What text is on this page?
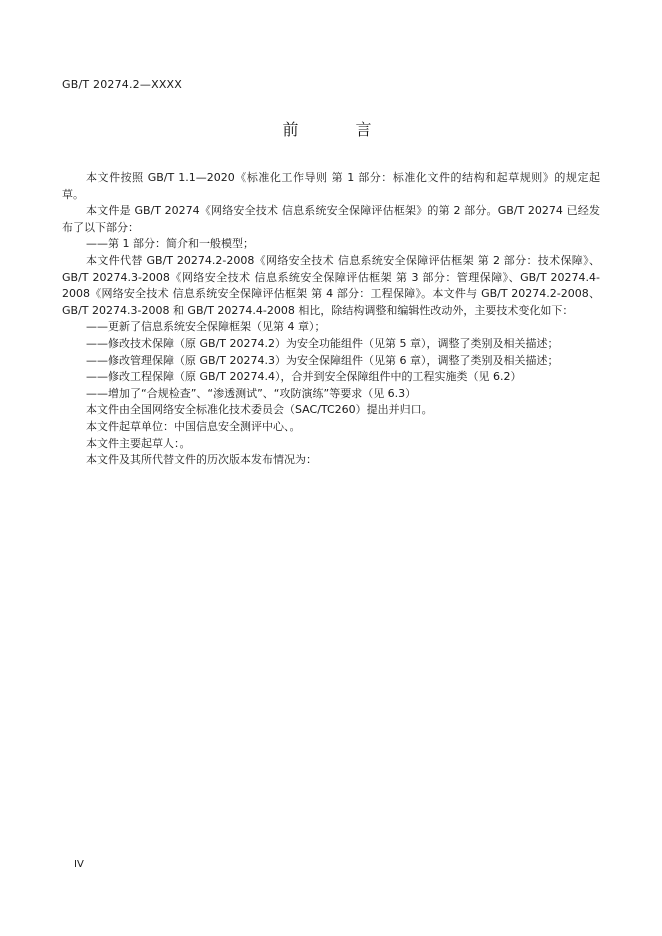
GB/T 20274.2—XXXX
前 言

本文件按照 GB/T 1.1—2020《标准化工作导则 第 1 部分：标准化文件的结构和起草规则》的规定起草。

本文件是 GB/T 20274《网络安全技术 信息系统安全保障评估框架》的第 2 部分。GB/T 20274 已经发布了以下部分：

——第 1 部分：简介和一般模型；

本文件代替 GB/T 20274.2-2008《网络安全技术 信息系统安全保障评估框架 第 2 部分：技术保障》、GB/T 20274.3-2008《网络安全技术 信息系统安全保障评估框架 第 3 部分：管理保障》、GB/T 20274.4-2008《网络安全技术 信息系统安全保障评估框架 第 4 部分：工程保障》。本文件与 GB/T 20274.2-2008、GB/T 20274.3-2008 和 GB/T 20274.4-2008 相比，除结构调整和编辑性改动外，主要技术变化如下：

——更新了信息系统安全保障框架（见第 4 章）；

——修改技术保障（原 GB/T 20274.2）为安全功能组件（见第 5 章），调整了类别及相关描述；

——修改管理保障（原 GB/T 20274.3）为安全保障组件（见第 6 章），调整了类别及相关描述；

——修改工程保障（原 GB/T 20274.4），合并到安全保障组件中的工程实施类（见 6.2）

——增加了“合规检查”、“渗透测试”、“攻防演练”等要求（见 6.3）

本文件由全国网络安全标准化技术委员会（SAC/TC260）提出并归口。

本文件起草单位：中国信息安全测评中心、。

本文件主要起草人：。

本文件及其所代替文件的历次版本发布情况为：

IV
